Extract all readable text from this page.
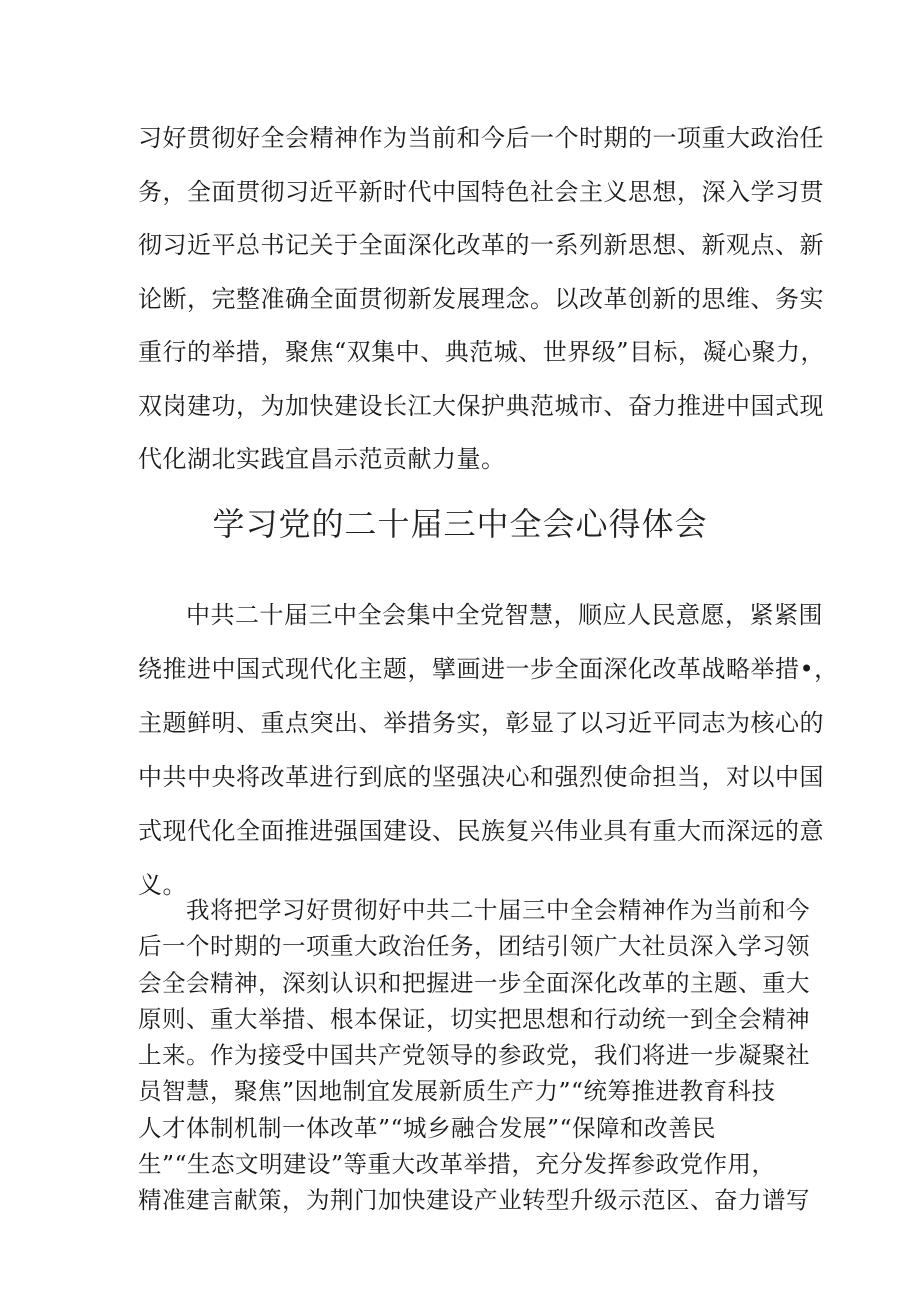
习好贯彻好全会精神作为当前和今后一个时期的一项重大政治任
务，全面贯彻习近平新时代中国特色社会主义思想，深入学习贯
彻习近平总书记关于全面深化改革的一系列新思想、新观点、新
论断，完整准确全面贯彻新发展理念。以改革创新的思维、务实
重行的举措，聚焦“双集中、典范城、世界级”目标，凝心聚力，
双岗建功，为加快建设长江大保护典范城市、奋力推进中国式现
代化湖北实践宜昌示范贡献力量。
学习党的二十届三中全会心得体会
中共二十届三中全会集中全党智慧，顺应人民意愿，紧紧围
绕推进中国式现代化主题，擘画进一步全面深化改革战略举措•，
主题鲜明、重点突出、举措务实，彰显了以习近平同志为核心的
中共中央将改革进行到底的坚强决心和强烈使命担当，对以中国
式现代化全面推进强国建设、民族复兴伟业具有重大而深远的意
义。
我将把学习好贯彻好中共二十届三中全会精神作为当前和今
后一个时期的一项重大政治任务，团结引领广大社员深入学习领
会全会精神，深刻认识和把握进一步全面深化改革的主题、重大
原则、重大举措、根本保证，切实把思想和行动统一到全会精神
上来。作为接受中国共产党领导的参政党，我们将进一步凝聚社
员智慧，聚焦”因地制宜发展新质生产力”“统筹推进教育科技
人才体制机制一体改革”“城乡融合发展”“保障和改善民
生”“生态文明建设”等重大改革举措，充分发挥参政党作用，
精准建言献策，为荆门加快建设产业转型升级示范区、奋力谱写
